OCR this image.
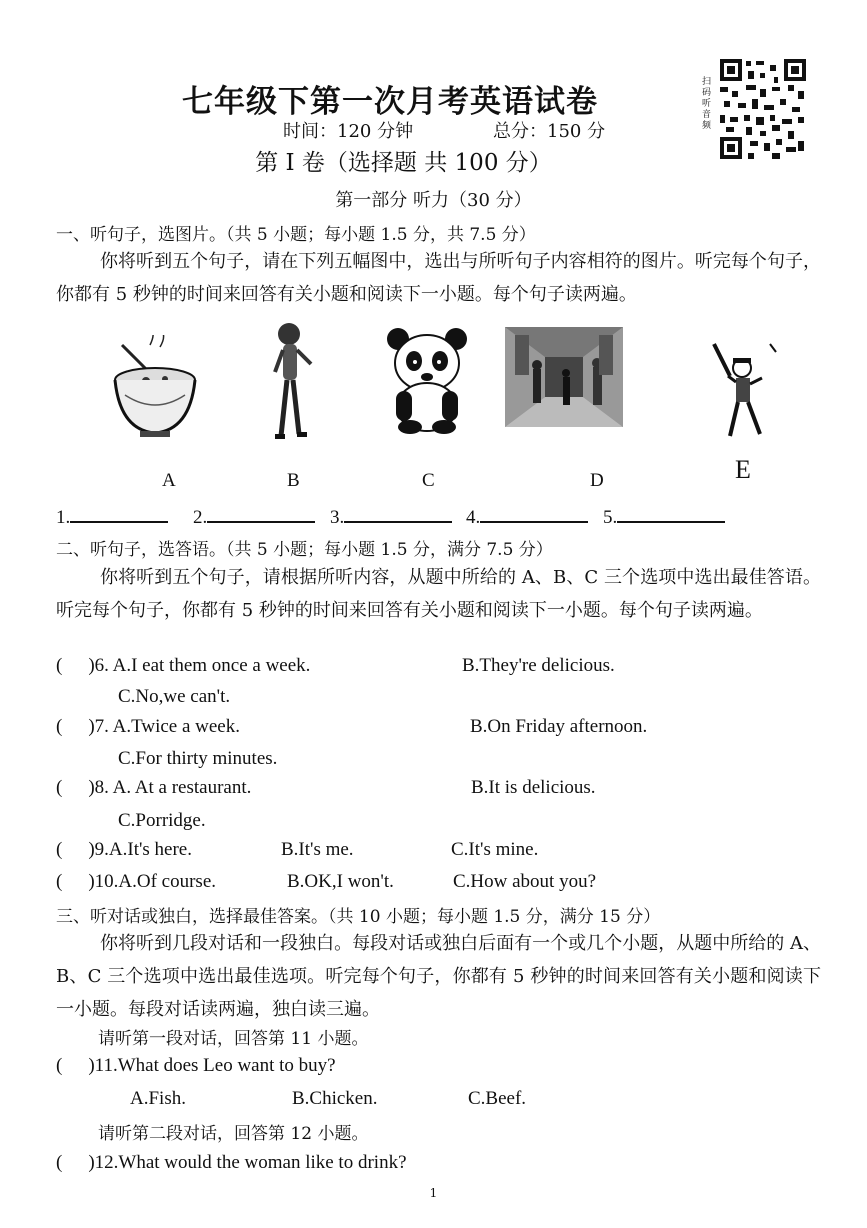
七年级下第一次月考英语试卷
时间：120 分钟	总分：150 分
第 I 卷（选择题 共 100 分）
扫码听音频
第一部分 听力（30 分）
一、听句子，选图片。（共 5 小题；每小题 1.5 分，共 7.5 分）
你将听到五个句子，请在下列五幅图中，选出与所听句子内容相符的图片。听完每个句子，你都有 5 秒钟的时间来回答有关小题和阅读下一小题。每个句子读两遍。
A	B	C	D	E
1.	2.	3.	4.	5.
二、听句子，选答语。（共 5 小题；每小题 1.5 分，满分 7.5 分）
你将听到五个句子，请根据所听内容，从题中所给的 A、B、C 三个选项中选出最佳答语。听完每个句子，你都有 5 秒钟的时间来回答有关小题和阅读下一小题。每个句子读两遍。
( )6. A.I eat them once a week.	B.They're delicious.
C.No,we can't.
( )7. A.Twice a week.	B.On Friday afternoon.
C.For thirty minutes.
( )8. A. At a restaurant.	B.It is delicious.
C.Porridge.
( )9.A.It's here.	B.It's me.	C.It's mine.
( )10.A.Of course.	B.OK,I won't.	C.How about you?
三、听对话或独白，选择最佳答案。（共 10 小题；每小题 1.5 分，满分 15 分）
你将听到几段对话和一段独白。每段对话或独白后面有一个或几个小题，从题中所给的 A、B、C 三个选项中选出最佳选项。听完每个句子，你都有 5 秒钟的时间来回答有关小题和阅读下一小题。每段对话读两遍，独白读三遍。
请听第一段对话，回答第 11 小题。
( )11.What does Leo want to buy?
A.Fish.	B.Chicken.	C.Beef.
请听第二段对话，回答第 12 小题。
( )12.What would the woman like to drink?
1
